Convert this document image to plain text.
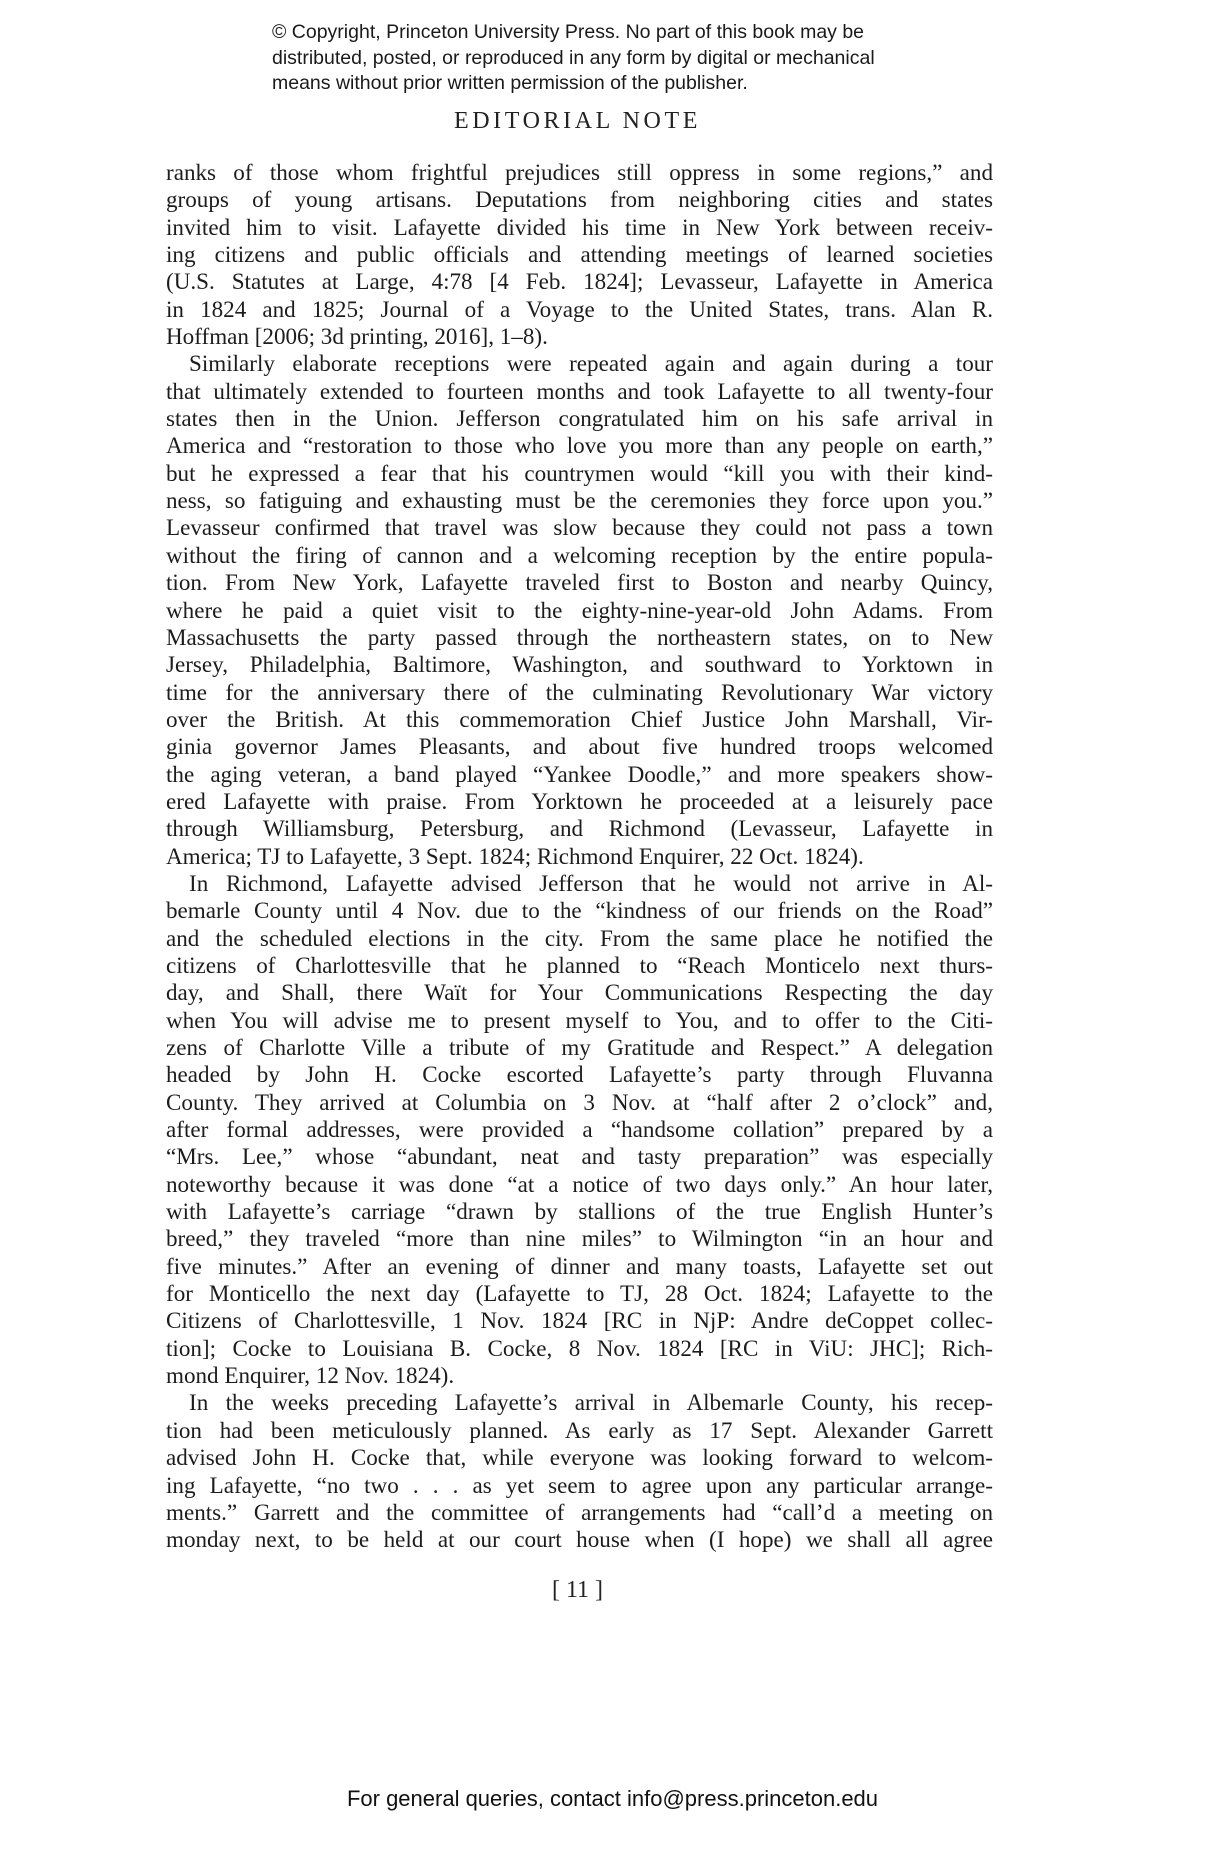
© Copyright, Princeton University Press. No part of this book may be
distributed, posted, or reproduced in any form by digital or mechanical
means without prior written permission of the publisher.
EDITORIAL NOTE
ranks of those whom frightful prejudices still oppress in some regions,” and
groups of young artisans. Deputations from neighboring cities and states
invited him to visit. Lafayette divided his time in New York between receiv-
ing citizens and public officials and attending meetings of learned societies
(U.S. Statutes at Large, 4:78 [4 Feb. 1824]; Levasseur, Lafayette in America
in 1824 and 1825; Journal of a Voyage to the United States, trans. Alan R.
Hoffman [2006; 3d printing, 2016], 1–8).
Similarly elaborate receptions were repeated again and again during a tour
that ultimately extended to fourteen months and took Lafayette to all twenty-four
states then in the Union. Jefferson congratulated him on his safe arrival in
America and “restoration to those who love you more than any people on earth,”
but he expressed a fear that his countrymen would “kill you with their kind-
ness, so fatiguing and exhausting must be the ceremonies they force upon you.”
Levasseur confirmed that travel was slow because they could not pass a town
without the firing of cannon and a welcoming reception by the entire popula-
tion. From New York, Lafayette traveled first to Boston and nearby Quincy,
where he paid a quiet visit to the eighty-nine-year-old John Adams. From
Massachusetts the party passed through the northeastern states, on to New
Jersey, Philadelphia, Baltimore, Washington, and southward to Yorktown in
time for the anniversary there of the culminating Revolutionary War victory
over the British. At this commemoration Chief Justice John Marshall, Vir-
ginia governor James Pleasants, and about five hundred troops welcomed
the aging veteran, a band played “Yankee Doodle,” and more speakers show-
ered Lafayette with praise. From Yorktown he proceeded at a leisurely pace
through Williamsburg, Petersburg, and Richmond (Levasseur, Lafayette in
America; TJ to Lafayette, 3 Sept. 1824; Richmond Enquirer, 22 Oct. 1824).
In Richmond, Lafayette advised Jefferson that he would not arrive in Al-
bemarle County until 4 Nov. due to the “kindness of our friends on the Road”
and the scheduled elections in the city. From the same place he notified the
citizens of Charlottesville that he planned to “Reach Monticelo next thurs-
day, and Shall, there Waït for Your Communications Respecting the day
when You will advise me to present myself to You, and to offer to the Citi-
zens of Charlotte Ville a tribute of my Gratitude and Respect.” A delegation
headed by John H. Cocke escorted Lafayette’s party through Fluvanna
County. They arrived at Columbia on 3 Nov. at “half after 2 o’clock” and,
after formal addresses, were provided a “handsome collation” prepared by a
“Mrs. Lee,” whose “abundant, neat and tasty preparation” was especially
noteworthy because it was done “at a notice of two days only.” An hour later,
with Lafayette’s carriage “drawn by stallions of the true English Hunter’s
breed,” they traveled “more than nine miles” to Wilmington “in an hour and
five minutes.” After an evening of dinner and many toasts, Lafayette set out
for Monticello the next day (Lafayette to TJ, 28 Oct. 1824; Lafayette to the
Citizens of Charlottesville, 1 Nov. 1824 [RC in NjP: Andre deCoppet collec-
tion]; Cocke to Louisiana B. Cocke, 8 Nov. 1824 [RC in ViU: JHC]; Rich-
mond Enquirer, 12 Nov. 1824).
In the weeks preceding Lafayette’s arrival in Albemarle County, his recep-
tion had been meticulously planned. As early as 17 Sept. Alexander Garrett
advised John H. Cocke that, while everyone was looking forward to welcom-
ing Lafayette, “no two . . . as yet seem to agree upon any particular arrange-
ments.” Garrett and the committee of arrangements had “call’d a meeting on
monday next, to be held at our court house when (I hope) we shall all agree
[ 11 ]
For general queries, contact info@press.princeton.edu
